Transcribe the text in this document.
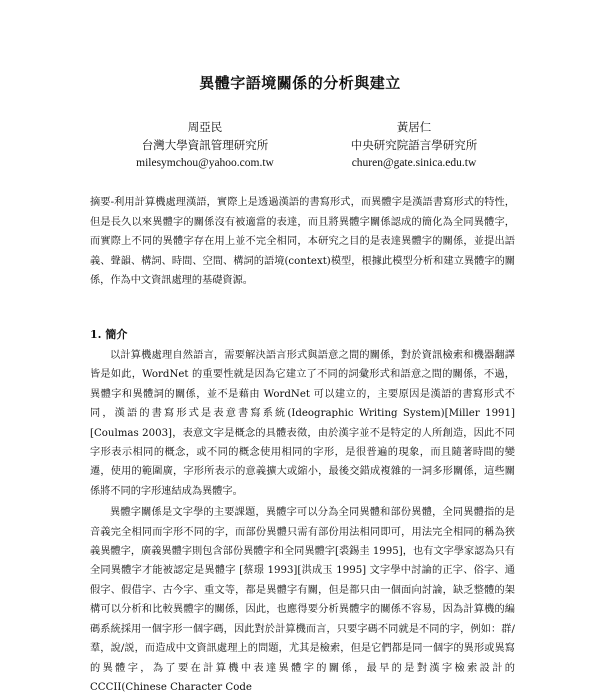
異體字語境關係的分析與建立
周亞民
台灣大學資訊管理研究所
milesymchou@yahoo.com.tw
黃居仁
中央研究院語言學研究所
churen@gate.sinica.edu.tw
摘要-利用計算機處理漢語，實際上是透過漢語的書寫形式，而異體字是漢語書寫形式的特性，但是長久以來異體字的關係沒有被適當的表達，而且將異體字關係認成的簡化為全同異體字，而實際上不同的異體字存在用上並不完全相同，本研究之目的是表達異體字的關係，並提出語義、聲韻、構詞、時間、空間、構詞的語境(context)模型，根據此模型分析和建立異體字的關係，作為中文資訊處理的基礎資源。
1. 簡介

以計算機處理自然語言，需要解決語言形式與語意之間的關係，對於資訊檢索和機器翻譯皆是如此，WordNet 的重要性就是因為它建立了不同的詞彙形式和語意之間的關係，不過，異體字和異體詞的關係，並不是藉由 WordNet 可以建立的，主要原因是漢語的書寫形式不同，漢語的書寫形式是表意書寫系統(Ideographic Writing System)[Miller 1991][Coulmas 2003]，表意文字是概念的具體表徵，由於漢字並不是特定的人所創造，因此不同字形表示相同的概念，或不同的概念使用相同的字形，是很普遍的現象，而且隨著時間的變遷，使用的範圍廣，字形所表示的意義擴大或縮小，最後交錯成複雜的一詞多形關係，這些關係將不同的字形連結成為異體字。

異體字關係是文字學的主要課題，異體字可以分為全同異體和部份異體，全同異體指的是音義完全相同而字形不同的字，而部份異體只需有部份用法相同即可，用法完全相同的稱為狹義異體字，廣義異體字則包含部份異體字和全同異體字[裘錫圭 1995]，也有文字學家認為只有全同異體字才能被認定是異體字 [蔡璟 1993][洪成玉 1995] 文字學中討論的正字、俗字、通假字、假借字、古今字、重文等，都是異體字有關，但是都只由一個面向討論，缺乏整體的架構可以分析和比較異體字的關係，因此，也應得要分析異體字的關係不容易，因為計算機的編碼系統採用一個字形一個字碼，因此對於計算機而言，只要字碼不同就是不同的字，例如：群∕羣，說∕説，而造成中文資訊處理上的問題，尤其是檢索，但是它們都是同一個字的異形或異寫的異體字，為了要在計算機中表達異體字的關係，最早的是對漢字檢索設計的 CCCII(Chinese Character Code
